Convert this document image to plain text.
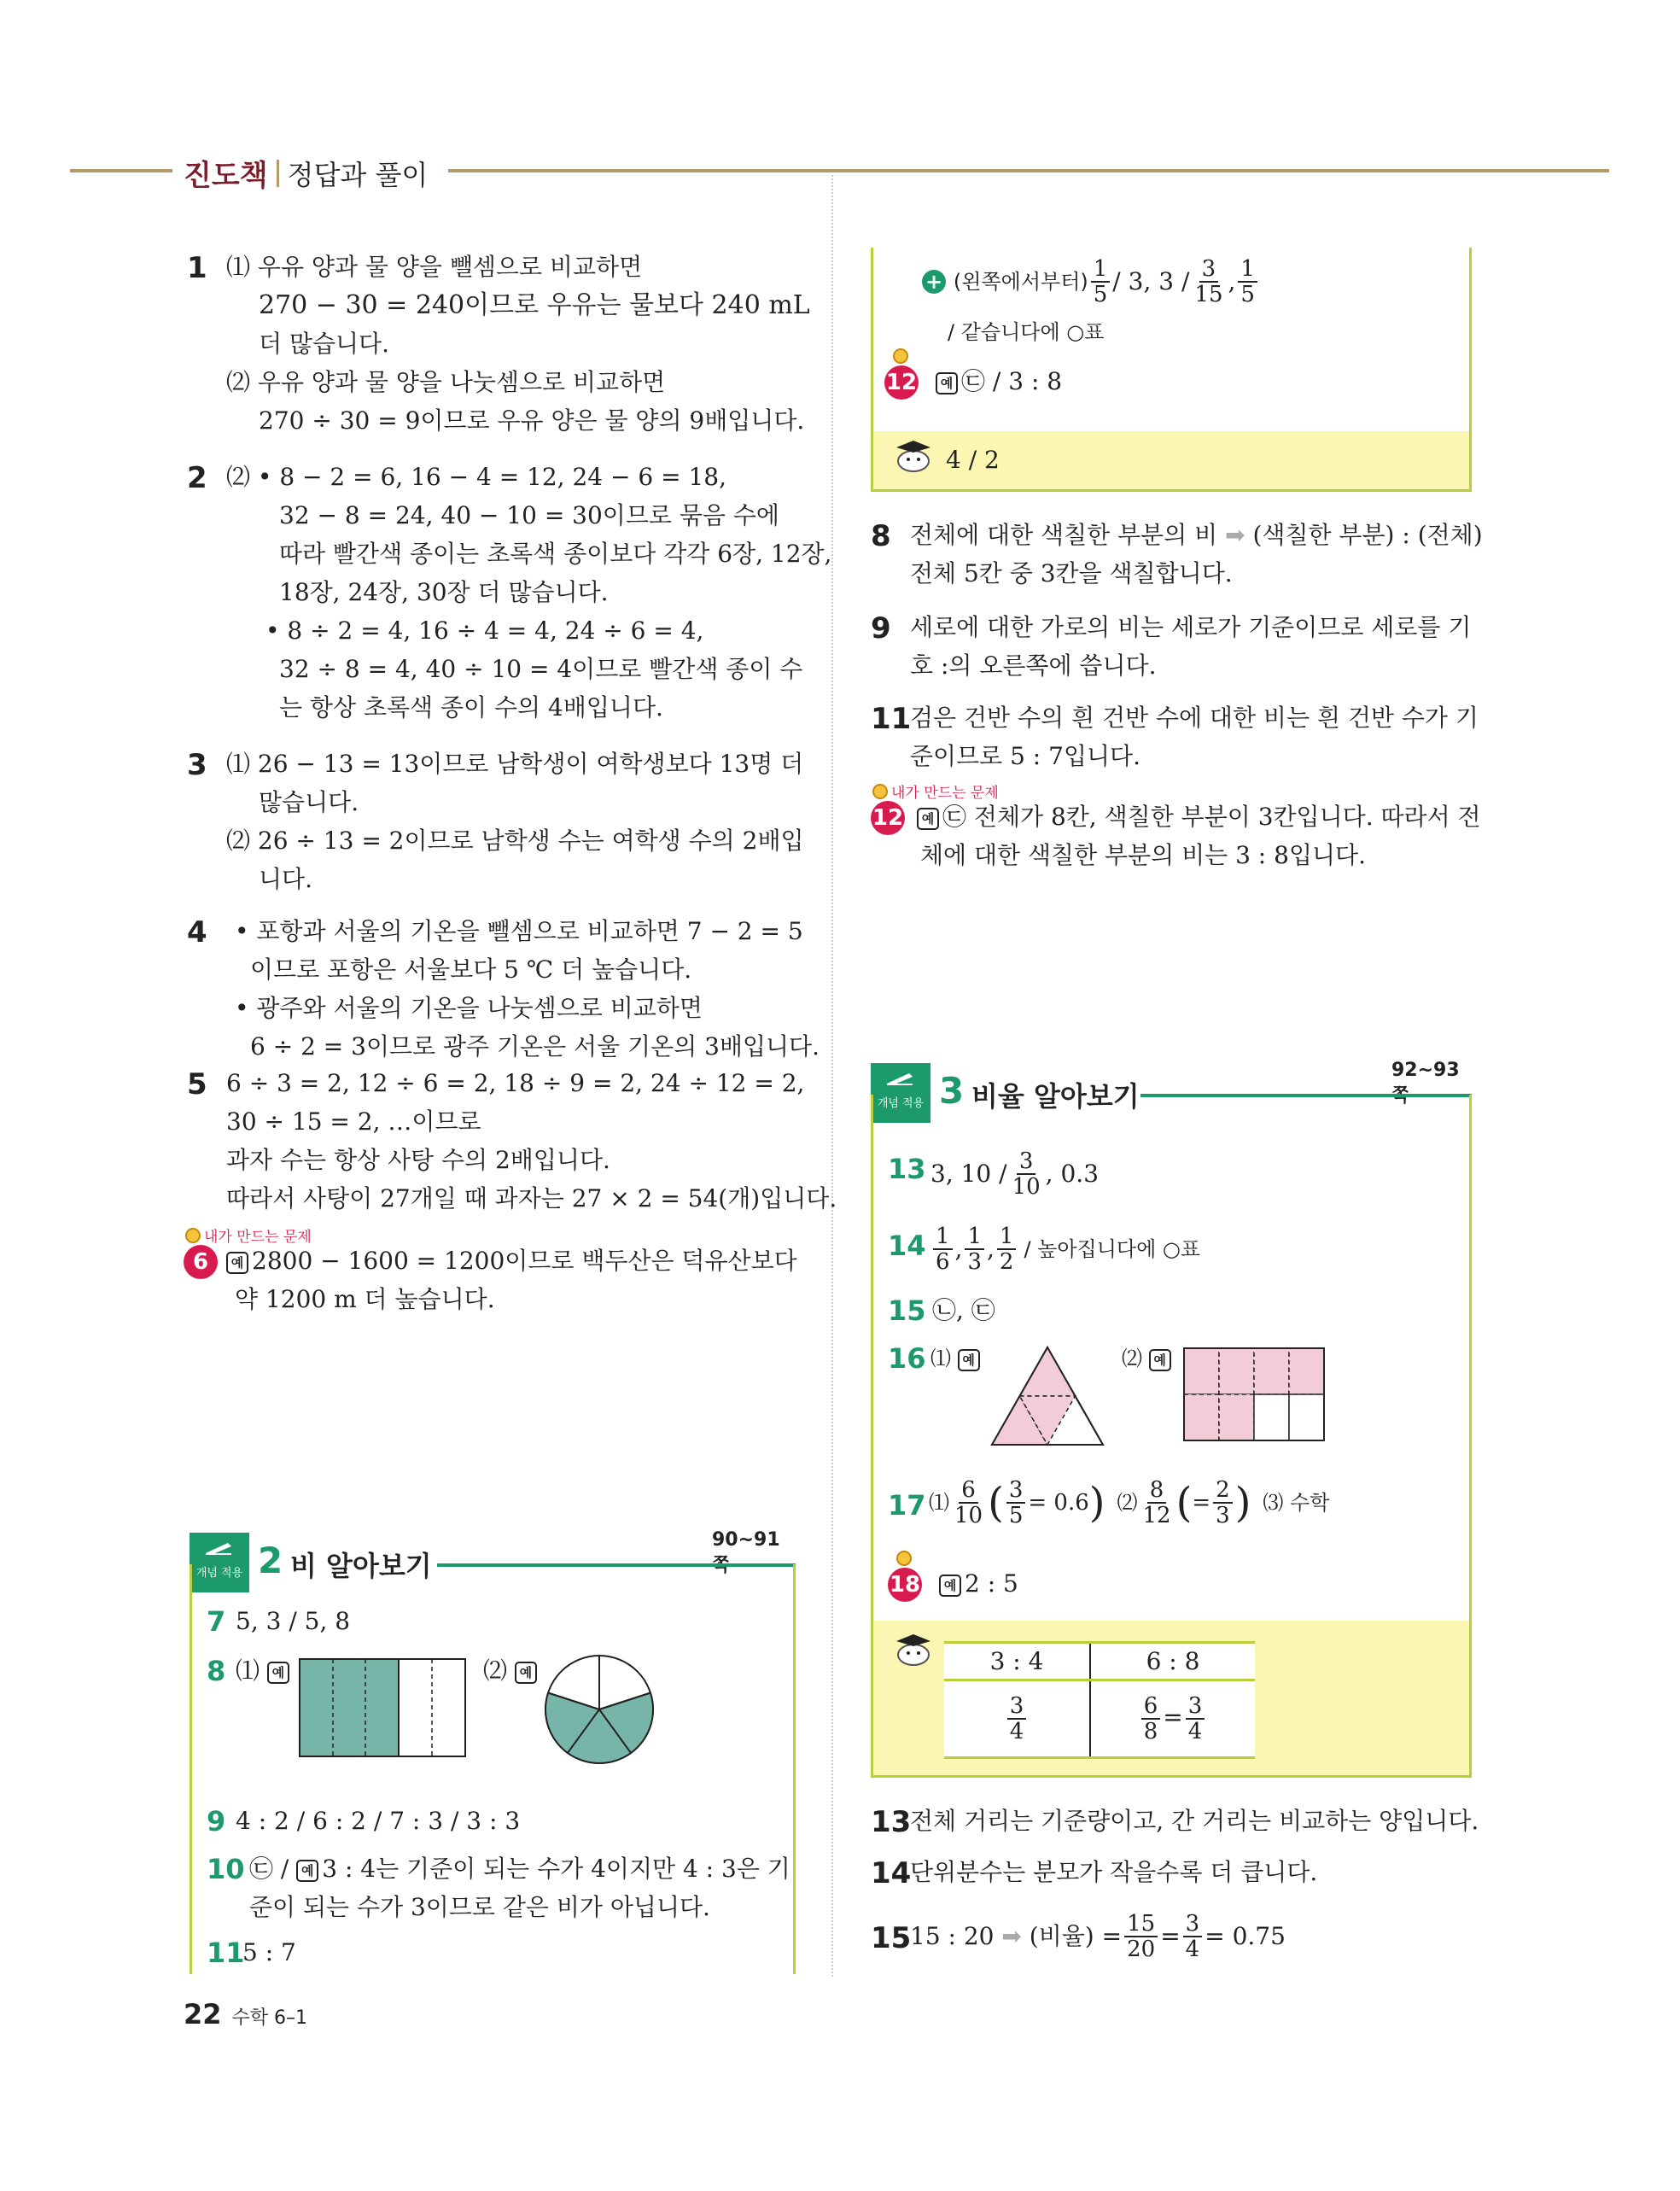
진도책 정답과 풀이
1 ⑴ 우유 양과 물 양을 뺄셈으로 비교하면
270 − 30 = 240이므로 우유는 물보다 240 mL
더 많습니다.
⑵ 우유 양과 물 양을 나눗셈으로 비교하면
270 ÷ 30 = 9이므로 우유 양은 물 양의 9배입니다.
2 ⑵ • 8 − 2 = 6, 16 − 4 = 12, 24 − 6 = 18,
32 − 8 = 24, 40 − 10 = 30이므로 묶음 수에
따라 빨간색 종이는 초록색 종이보다 각각 6장, 12장,
18장, 24장, 30장 더 많습니다.
• 8 ÷ 2 = 4, 16 ÷ 4 = 4, 24 ÷ 6 = 4,
32 ÷ 8 = 4, 40 ÷ 10 = 4이므로 빨간색 종이 수
는 항상 초록색 종이 수의 4배입니다.
3 ⑴ 26 − 13 = 13이므로 남학생이 여학생보다 13명 더
많습니다.
⑵ 26 ÷ 13 = 2이므로 남학생 수는 여학생 수의 2배입
니다.
4 • 포항과 서울의 기온을 뺄셈으로 비교하면 7 − 2 = 5
이므로 포항은 서울보다 5 ℃ 더 높습니다.
• 광주와 서울의 기온을 나눗셈으로 비교하면
6 ÷ 2 = 3이므로 광주 기온은 서울 기온의 3배입니다.
5 6 ÷ 3 = 2, 12 ÷ 6 = 2, 18 ÷ 9 = 2, 24 ÷ 12 = 2,
30 ÷ 15 = 2, …이므로
과자 수는 항상 사탕 수의 2배입니다.
따라서 사탕이 27개일 때 과자는 27 × 2 = 54(개)입니다.
내가 만드는 문제
6	예 2800 − 1600 = 1200이므로 백두산은 덕유산보다
약 1200 m 더 높습니다.
개념 적용 2 비 알아보기
90~91
7 5, 3 / 5, 8
8 ⑴ 예	⑵ 예
9 4 : 2 / 6 : 2 / 7 : 3 / 3 : 3
10 ㉢ / 예 3 : 4는 기준이 되는 수가 4이지만 4 : 3은 기
준이 되는 수가 3이므로 같은 비가 아닙니다.
11
5 : 7
22 수학 6–1
+
(왼쪽에서부터) $\frac{1}{5} / 3$, $3 / \frac{3}{15}$ , $\frac{1}{5}$
/ 같습니다에 ○표
12	예 ㉢ / 3 : 8
4 / 2
8 전체에 대한 색칠한 부분의 비 ➡ (색칠한 부분) : (전체)
전체 5칸 중 3칸을 색칠합니다.
9 세로에 대한 가로의 비는 세로가 기준이므로 세로를 기
호 :의 오른쪽에 씁니다.
11
검은 건반 수의 흰 건반 수에 대한 비는 흰 건반 수가 기
준이므로 5 : 7입니다.
내가 만드는 문제
12	예 ㉢ 전체가 8칸, 색칠한 부분이 3칸입니다. 따라서 전
체에 대한 색칠한 부분의 비는 3 : 8입니다.
개념 적용 3 비율 알아보기
92~93
13 3, $10 / \frac{3}{10}$ , 0.3
$14 \frac{1}{6}$ , $\frac{1}{3}$ , $\frac{1}{2}$ / 높아집니다에 ○표
15 ㉡, ㉢
16 ⑴ 예	⑵ 예
17 ⑴ $\frac{6}{10}$ ( $\frac{3}{5} = 0.6$ ) ⑵ $\frac{8}{12}$ ( = $\frac{2}{3}$ ) ⑶ 수학
18	예 2 : 5
3 : 4	6 : 8

$\frac{3}{4}$	$\frac{6}{8} = \frac{3}{4}$
13
전체 거리는 기준량이고, 간 거리는 비교하는 양입니다.
14
단위분수는 분모가 작을수록 더 큽니다.
15
15 : 20
➡
(비율) = $\frac{15}{20} = \frac{3}{4} = 0.75$
